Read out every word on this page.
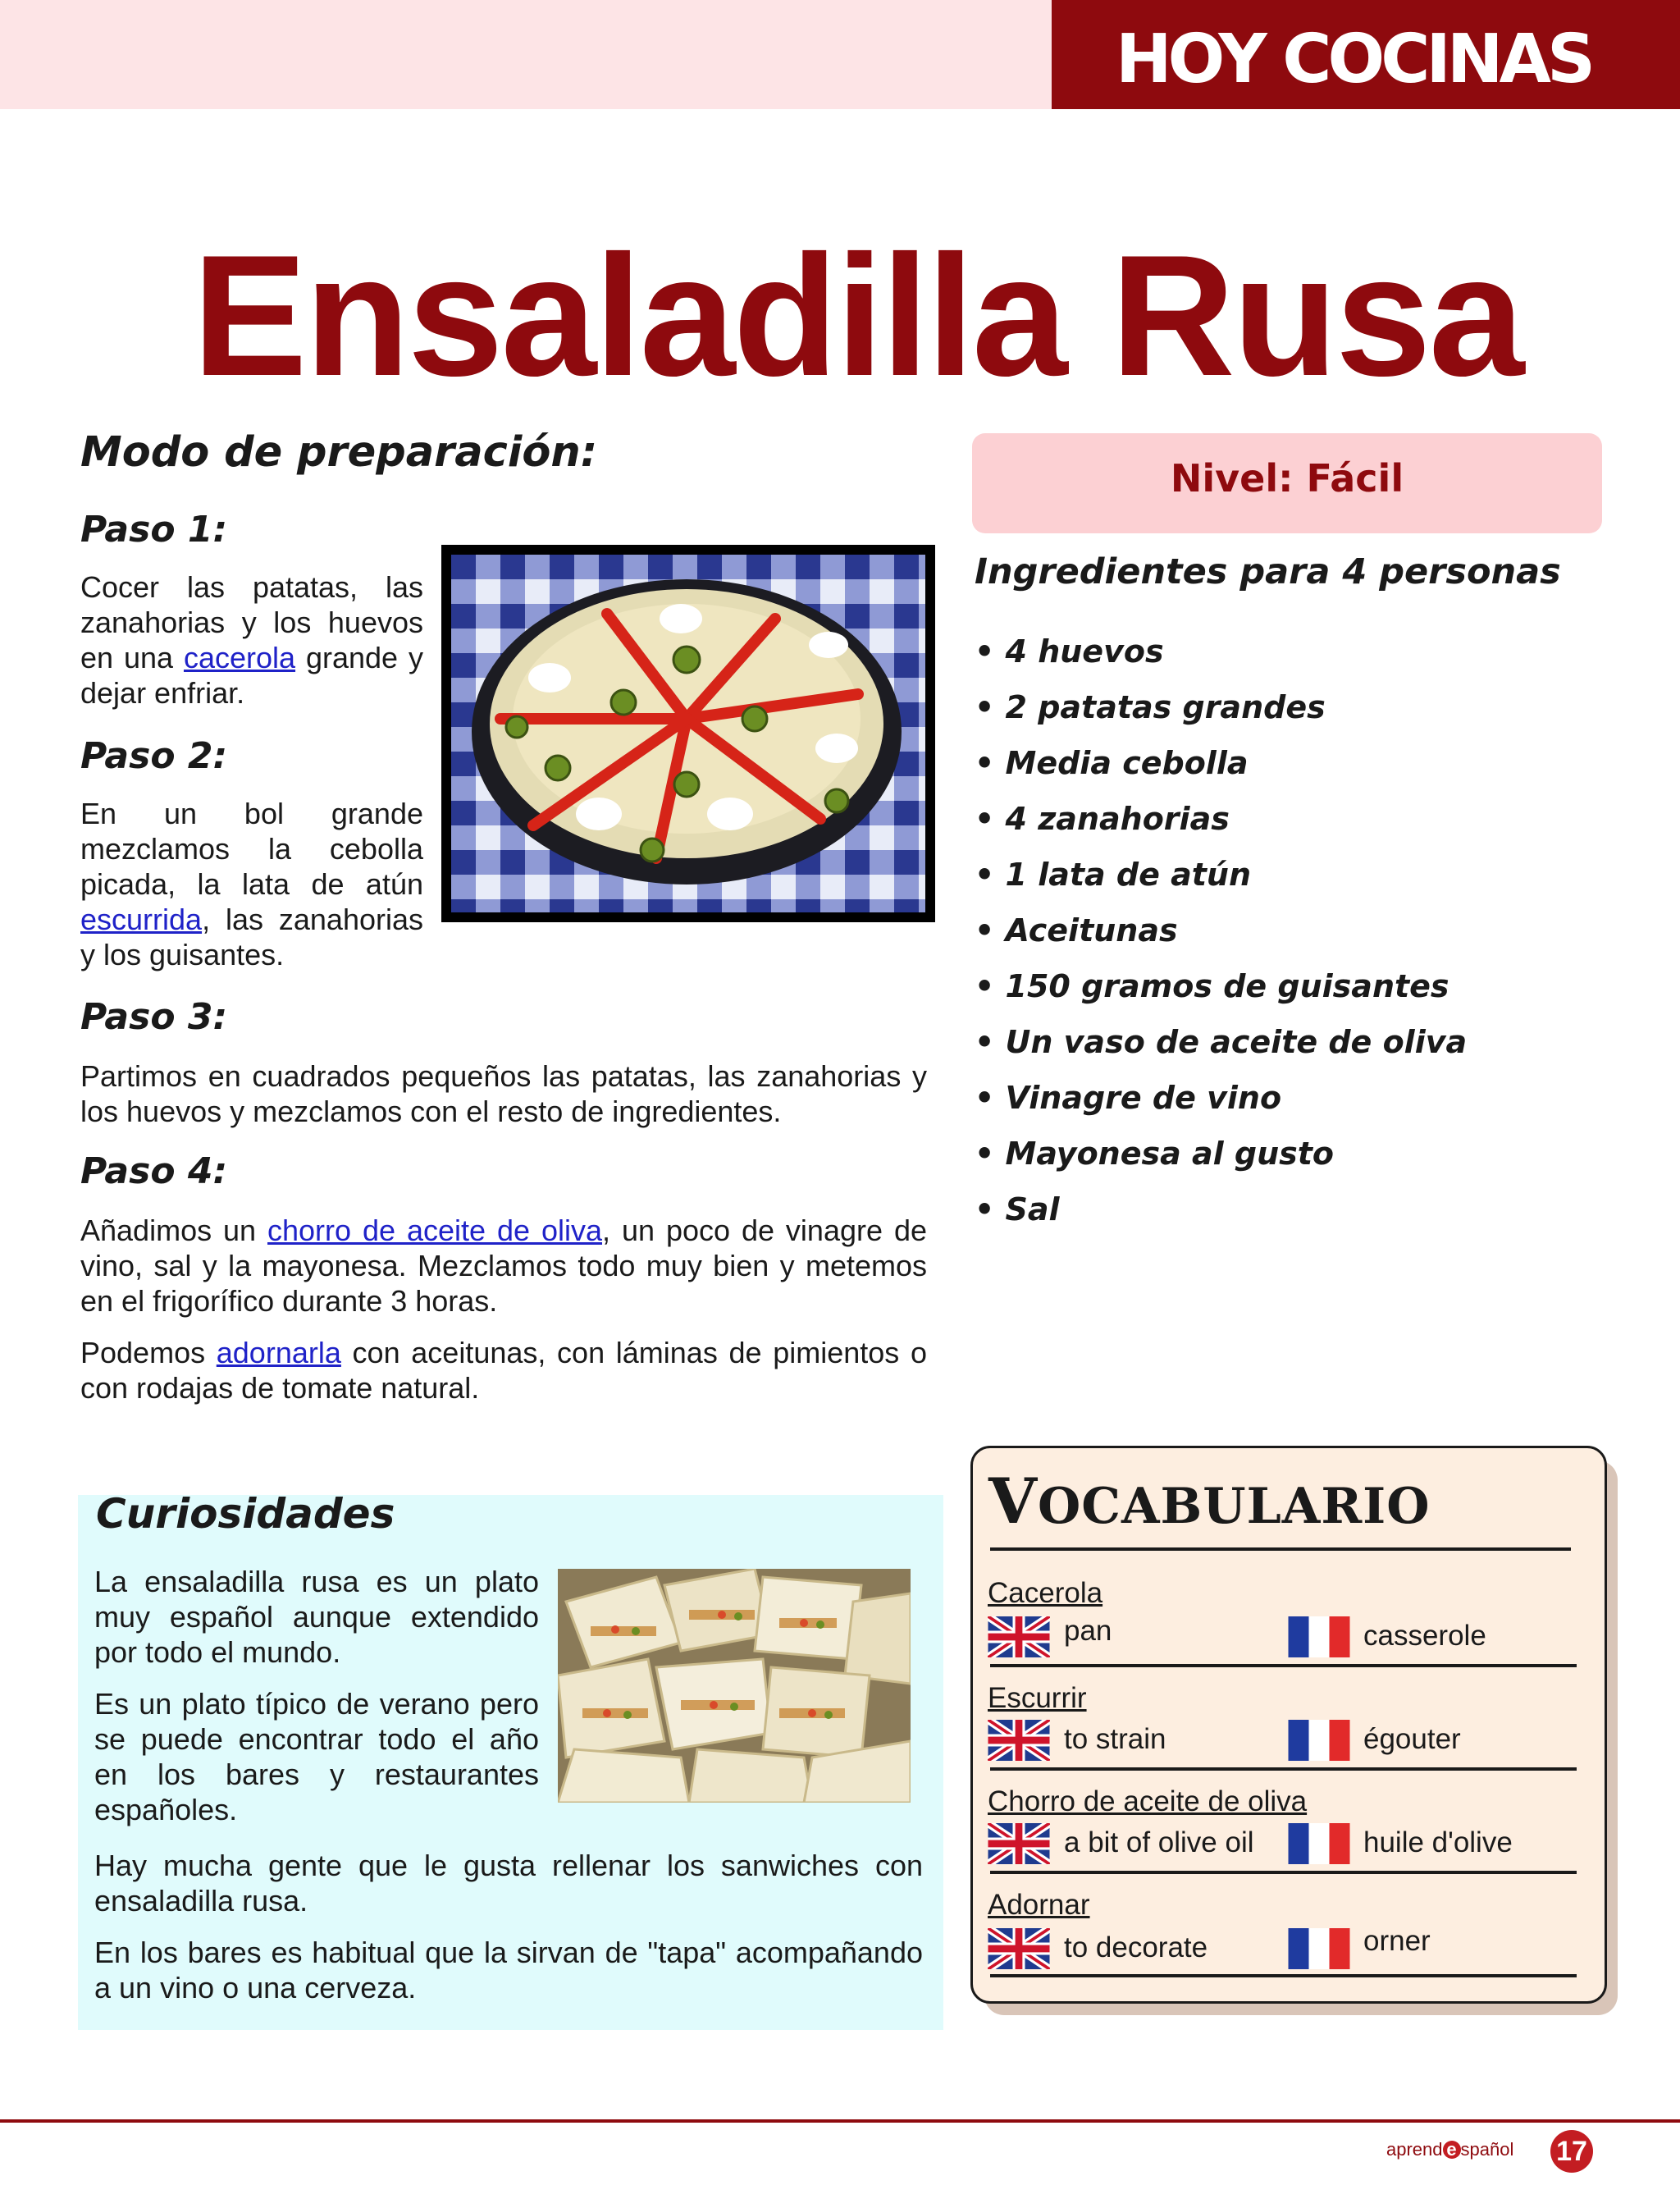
HOY COCINAS TÚ
Ensaladilla Rusa
Modo de preparación:
Paso 1:

Cocer las patatas, las zanahorias y los huevos en una cacerola grande y dejar enfriar.

Paso 2:

En un bol grande mezclamos la cebolla picada, la lata de atún escurrida, las zanahorias y los guisantes.

Paso 3:

Partimos en cuadrados pequeños las patatas, las zanahorias y los huevos y mezclamos con el resto de ingredientes.

Paso 4:

Añadimos un chorro de aceite de oliva, un poco de vinagre de vino, sal y la mayonesa. Mezclamos todo muy bien y metemos en el frigorífico durante 3 horas.

Podemos adornarla con aceitunas, con láminas de pimientos o con rodajas de tomate natural.

Nivel: Fácil
Ingredientes para 4 personas
• 4 huevos
• 2 patatas grandes
• Media cebolla
• 4 zanahorias
• 1 lata de atún
• Aceitunas
• 150 gramos de guisantes
• Un vaso de aceite de oliva
• Vinagre de vino
• Mayonesa al gusto
• Sal
Curiosidades

La ensaladilla rusa es un plato muy español aunque extendido por todo el mundo.

Es un plato típico de verano pero se puede encontrar todo el año en los bares y restaurantes españoles.

Hay mucha gente que le gusta rellenar los sanwiches con ensaladilla rusa.

En los bares es habitual que la sirvan de "tapa" acompañando a un vino o una cerveza.

VOCABULARIO
Cacerola
pan	casserole
Escurrir
to strain	égouter
Chorro de aceite de oliva
a bit of olive oil	huile d'olive
Adornar
to decorate	orner
aprend e spañol 17
